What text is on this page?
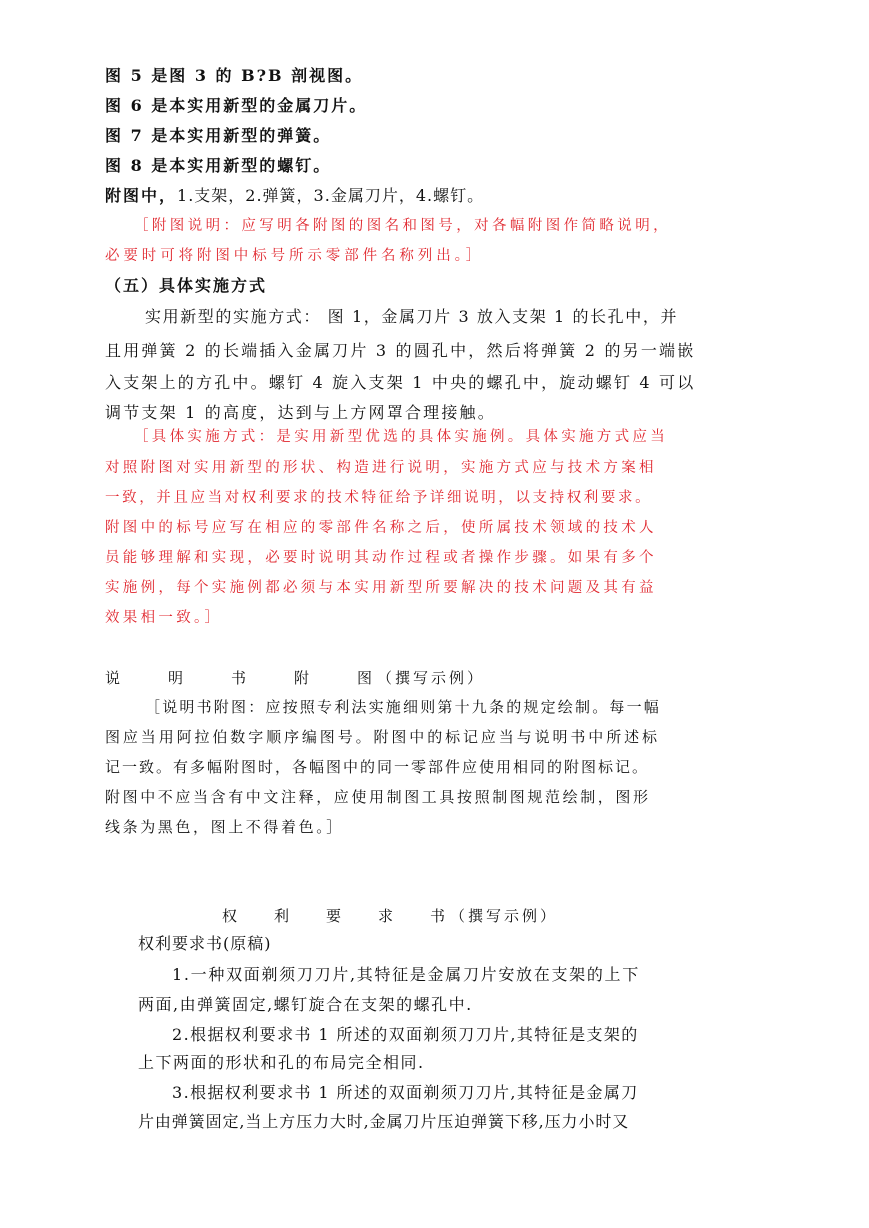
图 5 是图 3 的 B?B 剖视图。
图 6 是本实用新型的金属刀片。
图 7 是本实用新型的弹簧。
图 8 是本实用新型的螺钉。
附图中，1.支架，2.弹簧，3.金属刀片，4.螺钉。
［附图说明：应写明各附图的图名和图号，对各幅附图作简略说明，
必要时可将附图中标号所示零部件名称列出。］
（五）具体实施方式
实用新型的实施方式： 图 1，金属刀片 3 放入支架 1 的长孔中，并
且用弹簧 2 的长端插入金属刀片 3 的圆孔中，然后将弹簧 2 的另一端嵌
入支架上的方孔中。螺钉 4 旋入支架 1 中央的螺孔中，旋动螺钉 4 可以
调节支架 1 的高度，达到与上方网罩合理接触。
［具体实施方式：是实用新型优选的具体实施例。具体实施方式应当
对照附图对实用新型的形状、构造进行说明，实施方式应与技术方案相
一致，并且应当对权利要求的技术特征给予详细说明，以支持权利要求。
附图中的标号应写在相应的零部件名称之后，使所属技术领域的技术人
员能够理解和实现，必要时说明其动作过程或者操作步骤。如果有多个
实施例，每个实施例都必须与本实用新型所要解决的技术问题及其有益
效果相一致。］
说	明	书	附	图 （撰写示例）
［说明书附图：应按照专利法实施细则第十九条的规定绘制。每一幅
图应当用阿拉伯数字顺序编图号。附图中的标记应当与说明书中所述标
记一致。有多幅附图时，各幅图中的同一零部件应使用相同的附图标记。
附图中不应当含有中文注释，应使用制图工具按照制图规范绘制，图形
线条为黑色，图上不得着色。］
权 利 要 求 书 （撰写示例）
权利要求书(原稿)
1.一种双面剃须刀刀片,其特征是金属刀片安放在支架的上下
两面,由弹簧固定,螺钉旋合在支架的螺孔中.
2.根据权利要求书 1 所述的双面剃须刀刀片,其特征是支架的
上下两面的形状和孔的布局完全相同.
3.根据权利要求书 1 所述的双面剃须刀刀片,其特征是金属刀
片由弹簧固定,当上方压力大时,金属刀片压迫弹簧下移,压力小时又
